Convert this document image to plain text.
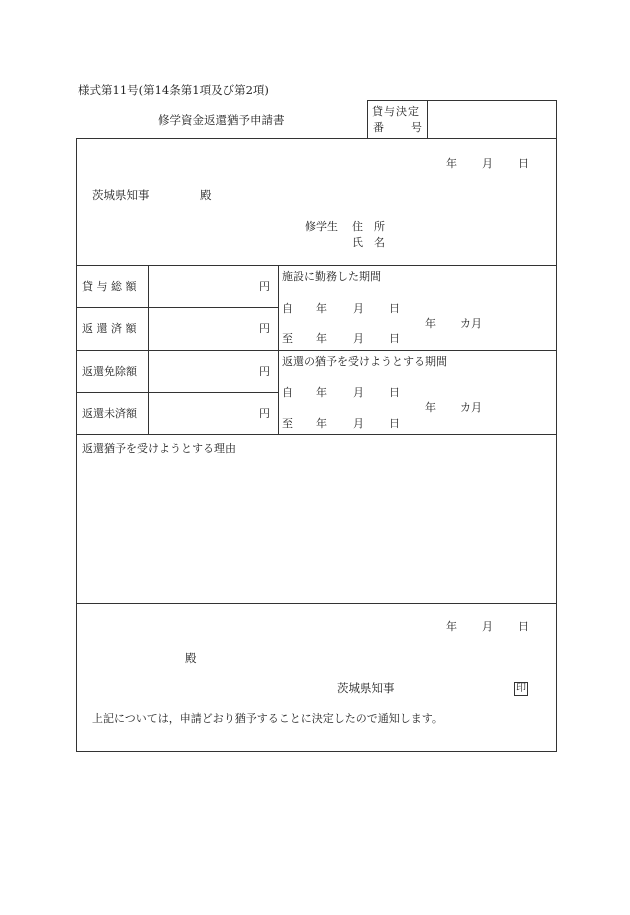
様式第11号(第14条第1項及び第2項)
修学資金返還猶予申請書
貸与決定
番 号
年 月 日
茨城県知事	殿
修学生 住　所
氏　名
貸 与 総 額	円
返 還 済 額	円
返還免除額	円
返還未済額	円
施設に勤務した期間
自 年 月 日
至 年 月 日
年 カ月
返還の猶予を受けようとする期間
自 年 月 日
至 年 月 日
年 カ月
返還猶予を受けようとする理由
年 月 日
殿
茨城県知事	印
上記については，申請どおり猶予することに決定したので通知します。
